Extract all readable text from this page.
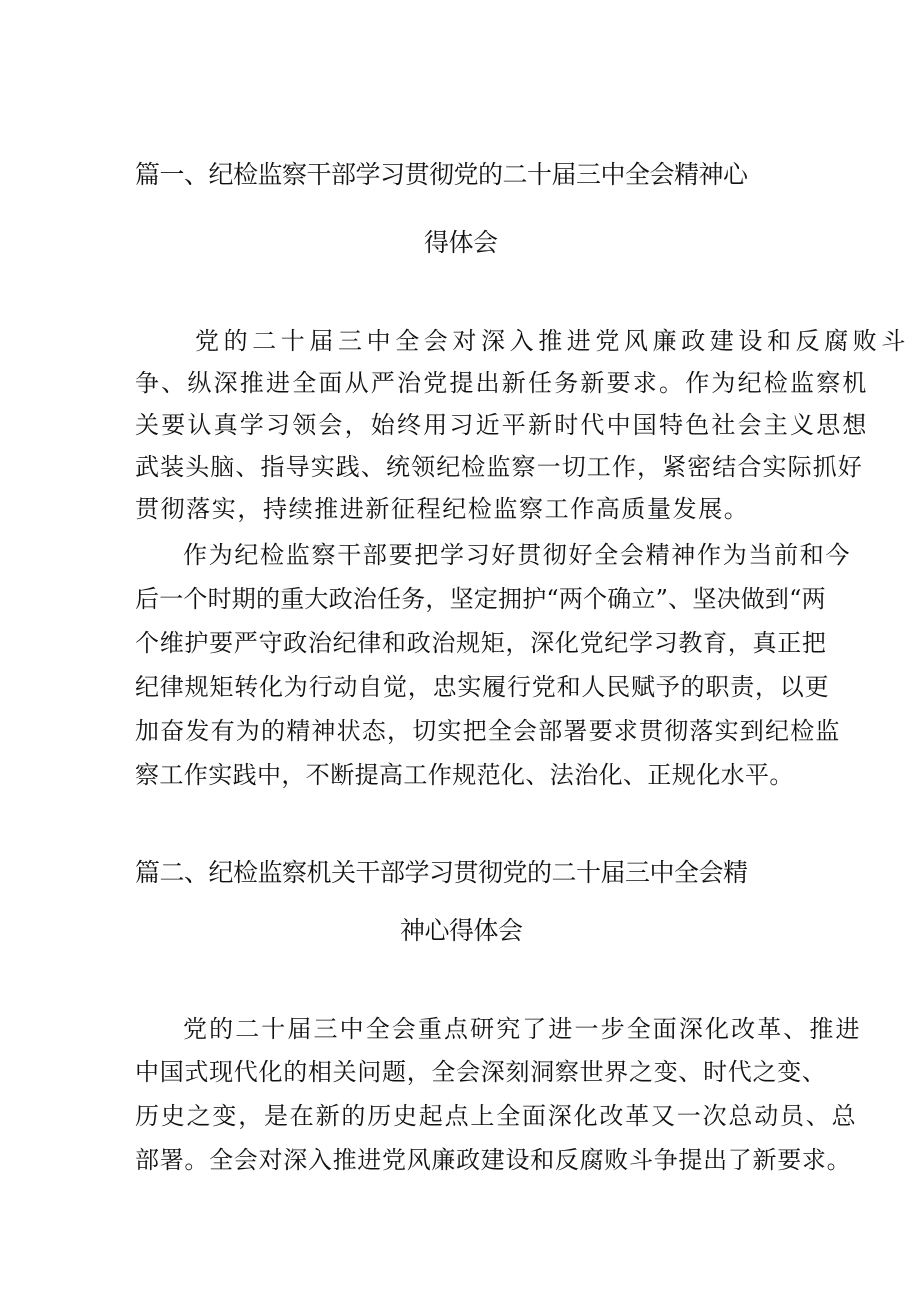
篇一、纪检监察干部学习贯彻党的二十届三中全会精神心
得体会
党的二十届三中全会对深入推进党风廉政建设和反腐败斗
争、纵深推进全面从严治党提出新任务新要求。作为纪检监察机
关要认真学习领会，始终用习近平新时代中国特色社会主义思想
武装头脑、指导实践、统领纪检监察一切工作，紧密结合实际抓好
贯彻落实，持续推进新征程纪检监察工作高质量发展。
作为纪检监察干部要把学习好贯彻好全会精神作为当前和今
后一个时期的重大政治任务，坚定拥护“两个确立”、坚决做到“两
个维护要严守政治纪律和政治规矩，深化党纪学习教育，真正把
纪律规矩转化为行动自觉，忠实履行党和人民赋予的职责，以更
加奋发有为的精神状态，切实把全会部署要求贯彻落实到纪检监
察工作实践中，不断提高工作规范化、法治化、正规化水平。
篇二、纪检监察机关干部学习贯彻党的二十届三中全会精
神心得体会
党的二十届三中全会重点研究了进一步全面深化改革、推进
中国式现代化的相关问题，全会深刻洞察世界之变、时代之变、
历史之变，是在新的历史起点上全面深化改革又一次总动员、总
部署。全会对深入推进党风廉政建设和反腐败斗争提出了新要求。
